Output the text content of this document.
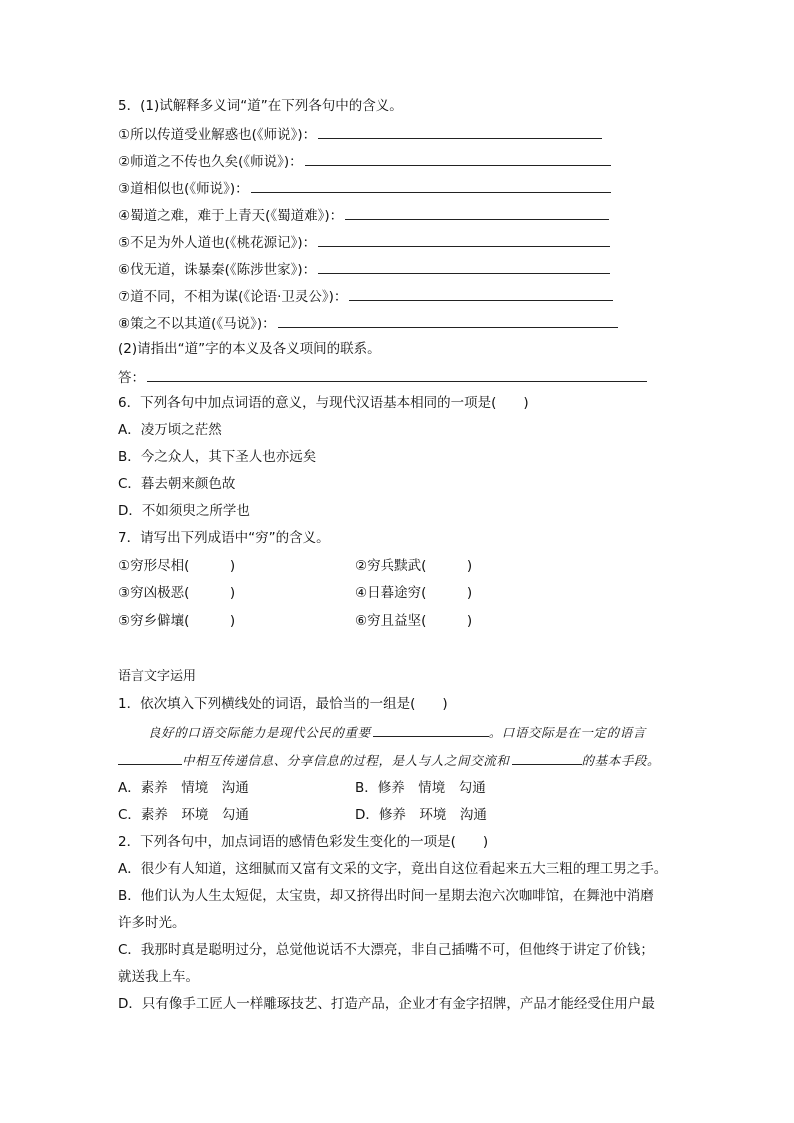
5．(1)试解释多义词“道”在下列各句中的含义。
①所以传道受业解惑也(《师说》)：
②师道之不传也久矣(《师说》)：
③道相似也(《师说》)：
④蜀道之难，难于上青天(《蜀道难》)：
⑤不足为外人道也(《桃花源记》)：
⑥伐无道，诛暴秦(《陈涉世家》)：
⑦道不同，不相为谋(《论语·卫灵公》)：
⑧策之不以其道(《马说》)：
(2)请指出“道”字的本义及各义项间的联系。
答：
6．下列各句中加点词语的意义，与现代汉语基本相同的一项是(　　)
A．凌万顷之茫然
B．今之众人，其下圣人也亦远矣
C．暮去朝来颜色故
D．不如须臾之所学也
7．请写出下列成语中“穷”的含义。
①穷形尽相(　　　)	②穷兵黩武(　　　)
③穷凶极恶(　　　)	④日暮途穷(　　　)
⑤穷乡僻壤(　　　)	⑥穷且益坚(　　　)
语言文字运用
1．依次填入下列横线处的词语，最恰当的一组是(　　)
良好的口语交际能力是现代公民的重要	。口语交际是在一定的语言
中相互传递信息、分享信息的过程，是人与人之间交流和	的基本手段。
A．素养　情境　沟通	B．修养　情境　勾通
C．素养　环境　勾通	D．修养　环境　沟通
2．下列各句中，加点词语的感情色彩发生变化的一项是(　　)
A．很少有人知道，这细腻而又富有文采的文字，竟出自这位看起来五大三粗的理工男之手。
B．他们认为人生太短促，太宝贵，却又挤得出时间一星期去泡六次咖啡馆，在舞池中消磨
许多时光。
C．我那时真是聪明过分，总觉他说话不大漂亮，非自己插嘴不可，但他终于讲定了价钱；
就送我上车。
D．只有像手工匠人一样雕琢技艺、打造产品，企业才有金字招牌，产品才能经受住用户最
